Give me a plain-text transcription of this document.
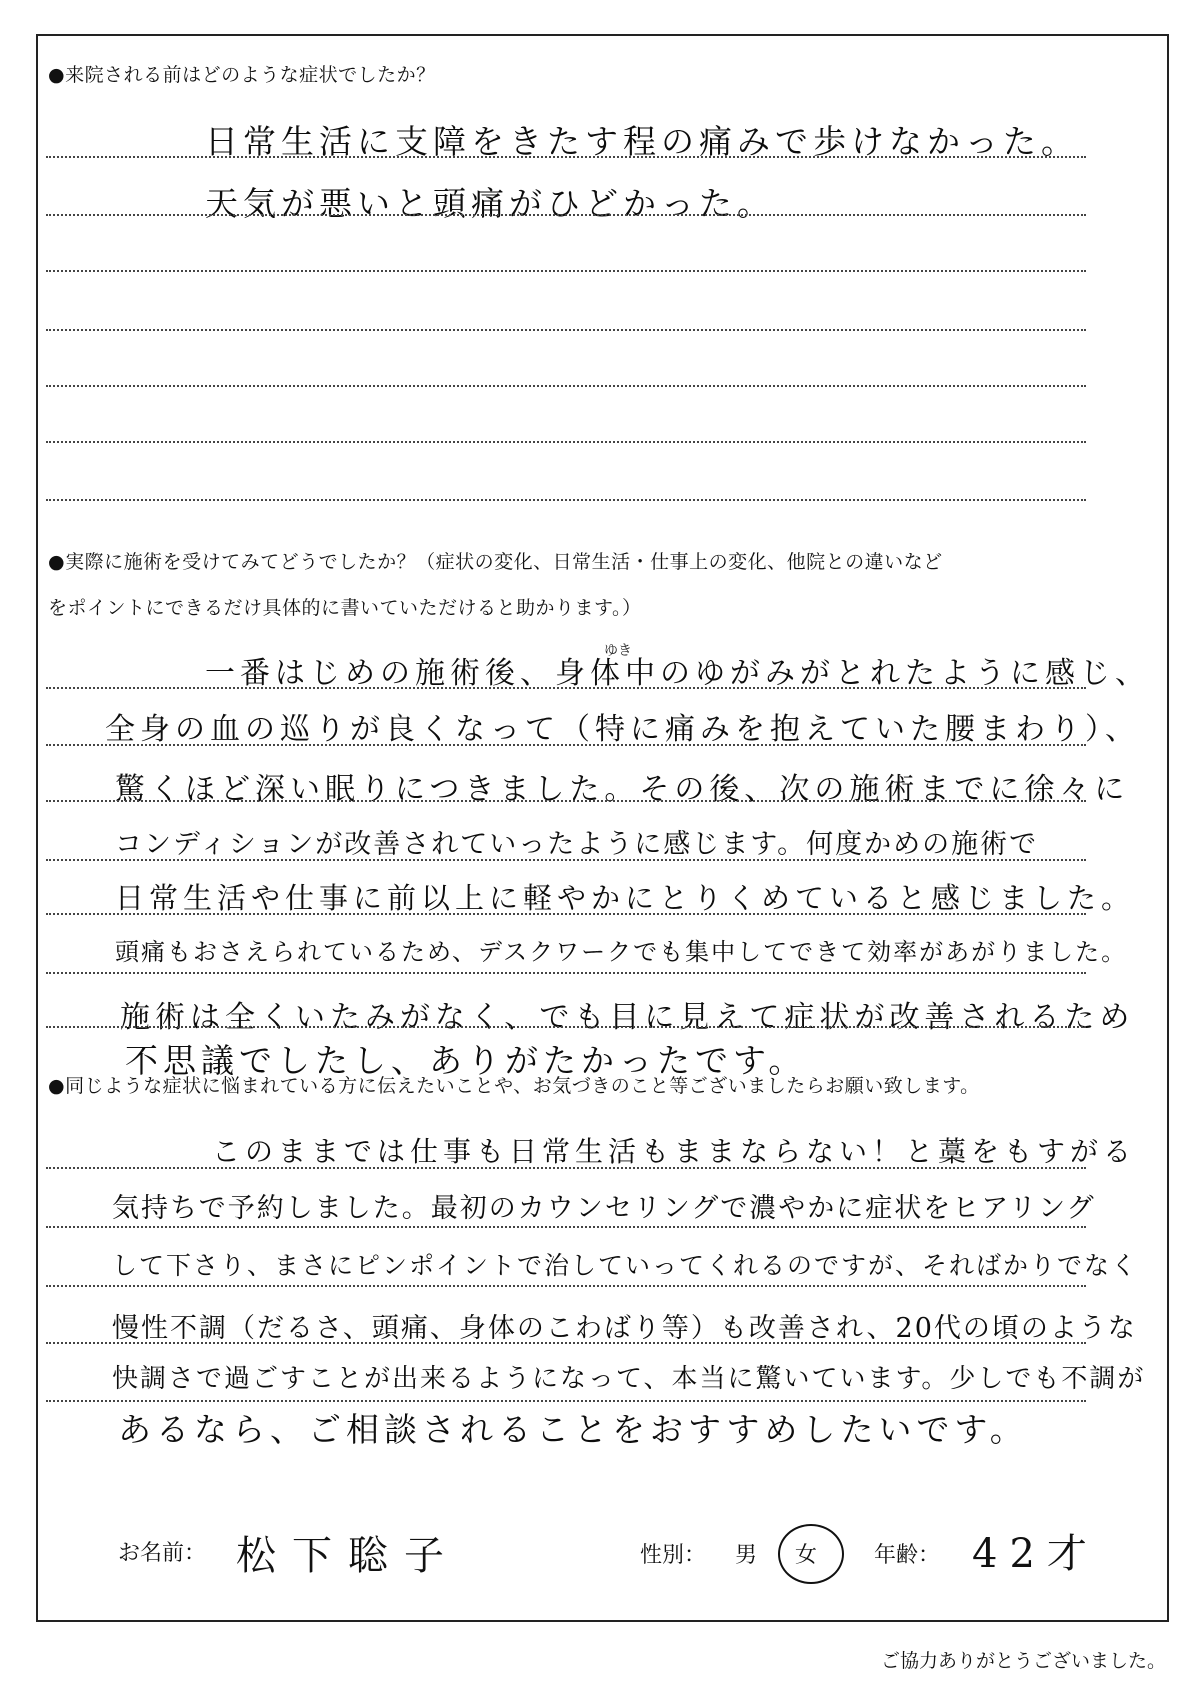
●来院される前はどのような症状でしたか？
日常生活に支障をきたす程の痛みで歩けなかった。
天気が悪いと頭痛がひどかった。
●実際に施術を受けてみてどうでしたか？（症状の変化、日常生活・仕事上の変化、他院との違いなど
をポイントにできるだけ具体的に書いていただけると助かります。）
ゆき
一番はじめの施術後、身体中のゆがみがとれたように感じ、
全身の血の巡りが良くなって（特に痛みを抱えていた腰まわり）、
驚くほど深い眠りにつきました。その後、次の施術までに徐々に
コンディションが改善されていったように感じます。何度かめの施術で
日常生活や仕事に前以上に軽やかにとりくめていると感じました。
頭痛もおさえられているため、デスクワークでも集中してできて効率があがりました。
施術は全くいたみがなく、でも目に見えて症状が改善されるため
不思議でしたし、ありがたかったです。
●同じような症状に悩まれている方に伝えたいことや、お気づきのこと等ございましたらお願い致します。
このままでは仕事も日常生活もままならない！と藁をもすがる
気持ちで予約しました。最初のカウンセリングで濃やかに症状をヒアリング
して下さり、まさにピンポイントで治していってくれるのですが、そればかりでなく
慢性不調（だるさ、頭痛、身体のこわばり等）も改善され、20代の頃のような
快調さで過ごすことが出来るようになって、本当に驚いています。少しでも不調が
あるなら、ご相談されることをおすすめしたいです。
お名前： 松下聡子	性別： 男 女	年齢： 42才
ご協力ありがとうございました。
